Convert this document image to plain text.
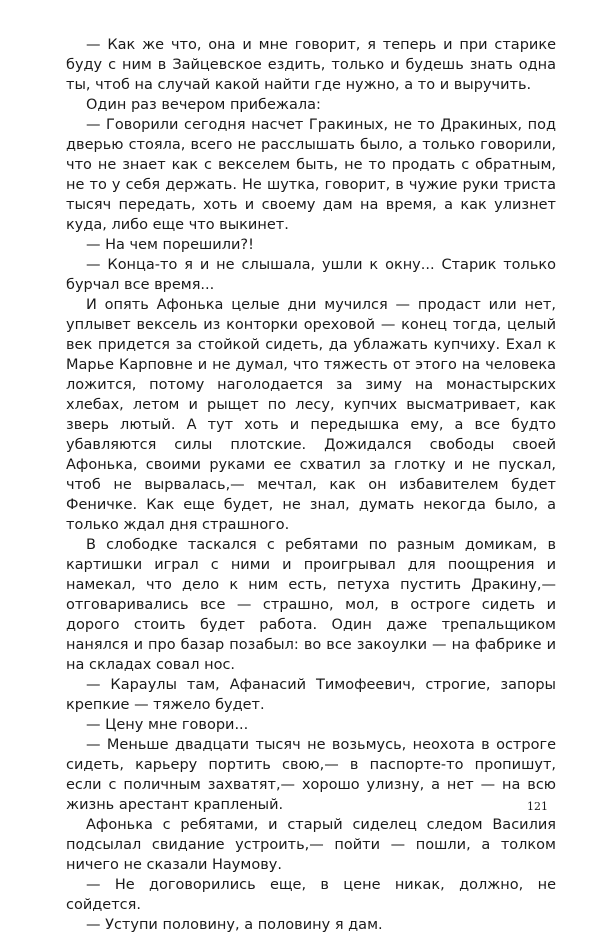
— Как же что, она и мне говорит, я теперь и при старике буду с ним в Зайцевское ездить, только и будешь знать одна ты, чтоб на случай какой найти где нужно, а то и выручить.

Один раз вечером прибежала:

— Говорили сегодня насчет Гракиных, не то Дракиных, под дверью стояла, всего не расслышать было, а только говорили, что не знает как с векселем быть, не то продать с обратным, не то у себя держать. Не шутка, говорит, в чужие руки триста тысяч передать, хоть и своему дам на время, а как улизнет куда, либо еще что выкинет.

— На чем порешили?!

— Конца-то я и не слышала, ушли к окну... Старик только бурчал все время...

И опять Афонька целые дни мучился — продаст или нет, уплывет вексель из конторки ореховой — конец тогда, целый век придется за стойкой сидеть, да ублажать купчиху. Ехал к Марье Карповне и не думал, что тяжесть от этого на человека ложится, потому наголодается за зиму на монастырских хлебах, летом и рыщет по лесу, купчих высматривает, как зверь лютый. А тут хоть и передышка ему, а все будто убавляются силы плотские. Дожидался свободы своей Афонька, своими руками ее схватил за глотку и не пускал, чтоб не вырвалась,— мечтал, как он избавителем будет Феничке. Как еще будет, не знал, думать некогда было, а только ждал дня страшного.

В слободке таскался с ребятами по разным домикам, в картишки играл с ними и проигрывал для поощрения и намекал, что дело к ним есть, петуха пустить Дракину,— отговаривались все — страшно, мол, в остроге сидеть и дорого стоить будет работа. Один даже трепальщиком нанялся и про базар позабыл: во все закоулки — на фабрике и на складах совал нос.

— Караулы там, Афанасий Тимофеевич, строгие, запоры крепкие — тяжело будет.

— Цену мне говори...

— Меньше двадцати тысяч не возьмусь, неохота в остроге сидеть, карьеру портить свою,— в паспорте-то пропишут, если с поличным захватят,— хорошо улизну, а нет — на всю жизнь арестант крапленый.

Афонька с ребятами, и старый сиделец следом Василия подсылал свидание устроить,— пойти — пошли, а толком ничего не сказали Наумову.

— Не договорились еще, в цене никак, должно, не сойдется.

— Уступи половину, а половину я дам.

121
